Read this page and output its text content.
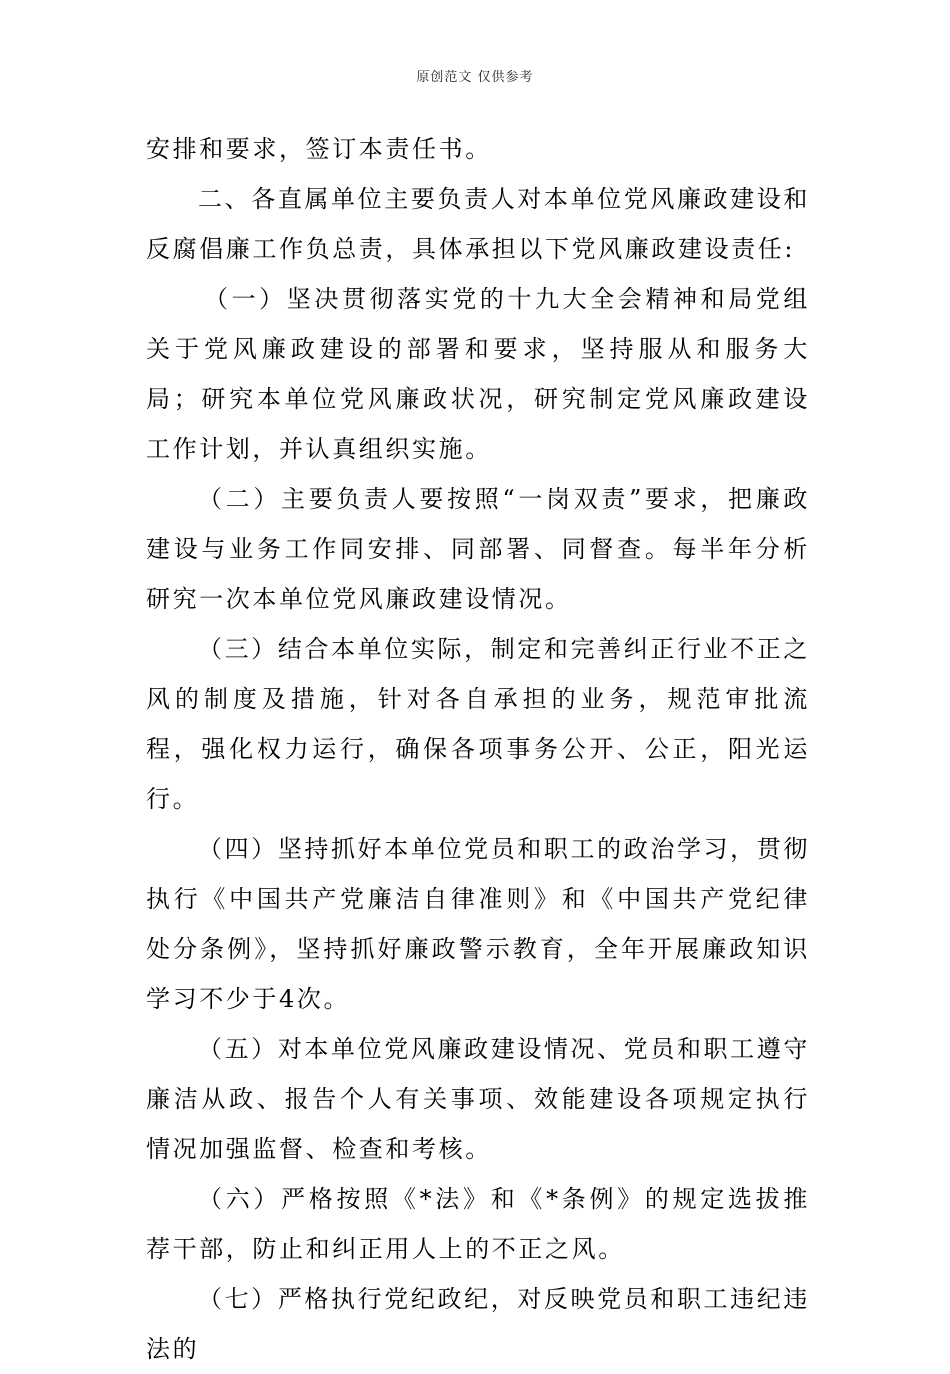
原创范文 仅供参考

安排和要求，签订本责任书。

二、各直属单位主要负责人对本单位党风廉政建设和反腐倡廉工作负总责，具体承担以下党风廉政建设责任:

（一）坚决贯彻落实党的十九大全会精神和局党组关于党风廉政建设的部署和要求，坚持服从和服务大局；研究本单位党风廉政状况，研究制定党风廉政建设工作计划，并认真组织实施。

（二）主要负责人要按照“一岗双责”要求，把廉政建设与业务工作同安排、同部署、同督查。每半年分析研究一次本单位党风廉政建设情况。

（三）结合本单位实际，制定和完善纠正行业不正之风的制度及措施，针对各自承担的业务，规范审批流程，强化权力运行，确保各项事务公开、公正，阳光运行。

（四）坚持抓好本单位党员和职工的政治学习，贯彻执行《中国共产党廉洁自律准则》和《中国共产党纪律处分条例》，坚持抓好廉政警示教育，全年开展廉政知识学习不少于4次。

（五）对本单位党风廉政建设情况、党员和职工遵守廉洁从政、报告个人有关事项、效能建设各项规定执行情况加强监督、检查和考核。

（六）严格按照《*法》和《*条例》的规定选拔推荐干部，防止和纠正用人上的不正之风。

（七）严格执行党纪政纪，对反映党员和职工违纪违法的
